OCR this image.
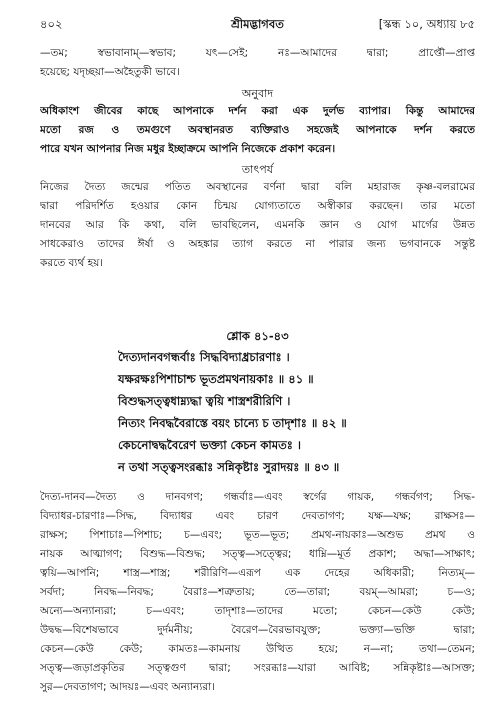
৪০২	শ্রীমদ্ভাগবত	[স্কন্ধ ১০, অধ্যায় ৮৫
—তম; স্বভাবানাম্—স্বভাব; যৎ—সেই; নঃ—আমাদের দ্বারা; প্রাপ্তৌ—প্রাপ্ত
হয়েছে; যদৃচ্ছয়া—অহৈতুকী ভাবে।
অনুবাদ
অধিকাংশ জীবের কাছে আপনাকে দর্শন করা এক দুর্লভ ব্যাপার। কিন্তু আমাদের
মতো রজ ও তমগুণে অবস্থানরত ব্যক্তিরাও সহজেই আপনাকে দর্শন করতে
পারে যখন আপনার নিজ মধুর ইচ্ছাক্রমে আপনি নিজেকে প্রকাশ করেন।
তাৎপর্য
নিজের দৈত্য জন্মের পতিত অবস্থানের বর্ণনা দ্বারা বলি মহারাজ কৃষ্ণ-বলরামের
দ্বারা পরিদর্শিত হওয়ার কোন চিন্ময় যোগ্যতাতে অস্বীকার করছেন। তার মতো
দানবের আর কি কথা, বলি ভাবছিলেন, এমনকি জ্ঞান ও যোগ মার্গের উন্নত
সাধকেরাও তাদের ঈর্ষা ও অহঙ্কার ত্যাগ করতে না পারার জন্য ভগবানকে সন্তুষ্ট
করতে ব্যর্থ হয়।
শ্লোক ৪১-৪৩
দৈত্যদানবগন্ধর্বাঃ সিদ্ধবিদ্যাধ্রচারণাঃ ।
যক্ষরক্ষঃপিশাচাশ্চ ভূতপ্রমথনায়কাঃ ॥ ৪১ ॥
বিশুদ্ধসত্ত্বধাম্ন্যদ্ধা ত্বয়ি শাস্ত্রশরীরিণি ।
নিত্যং নিবদ্ধবৈরাস্তে বয়ং চান্যে চ তাদৃশাঃ ॥ ৪২ ॥
কেচনোদ্বদ্ধবৈরেণ ভক্ত্যা কেচন কামতঃ ।
ন তথা সত্ত্বসংরব্ধাঃ সন্নিকৃষ্টাঃ সুরাদয়ঃ ॥ ৪৩ ॥
দৈত্য-দানব—দৈত্য ও দানবগণ; গন্ধর্বাঃ—এবং স্বর্গের গায়ক, গন্ধর্বগণ; সিদ্ধ-
বিদ্যাধর-চারণাঃ—সিদ্ধ, বিদ্যাধর এবং চারণ দেবতাগণ; যক্ষ—যক্ষ; রাক্ষসঃ—
রাক্ষস; পিশাচাঃ—পিশাচ; চ—এবং; ভূত—ভূত; প্রমথ-নায়কাঃ—অশুভ প্রমথ ও
নায়ক আত্মাগণ; বিশুদ্ধ—বিশুদ্ধ; সত্ত্ব—সত্ত্বের; ধাম্নি—মূর্ত প্রকাশ; অদ্ধা—সাক্ষাৎ;
ত্বয়ি—আপনি; শাস্ত্র—শাস্ত্র; শরীরিণি—এরূপ এক দেহের অধিকারী; নিত্যম্—
সর্বদা; নিবদ্ধ—নিবদ্ধ; বৈরাঃ—শত্রুতায়; তে—তারা; বয়ম্—আমরা; চ—ও;
অন্যে—অন্যান্যরা; চ—এবং; তাদৃশাঃ—তাদের মতো; কেচন—কেউ কেউ;
উদ্বদ্ধ—বিশেষভাবে দুর্দমনীয়; বৈরেণ—বৈরভাবযুক্ত; ভক্ত্যা—ভক্তি দ্বারা;
কেচন—কেউ কেউ; কামতঃ—কামনায় উত্থিত হয়ে; ন—না; তথা—তেমন;
সত্ত্ব—জড়াপ্রকৃতির সত্ত্বগুণ দ্বারা; সংরব্ধাঃ—যারা আবিষ্ট; সন্নিকৃষ্টাঃ—আসক্ত;
সুর—দেবতাগণ; আদয়ঃ—এবং অন্যান্যরা।
